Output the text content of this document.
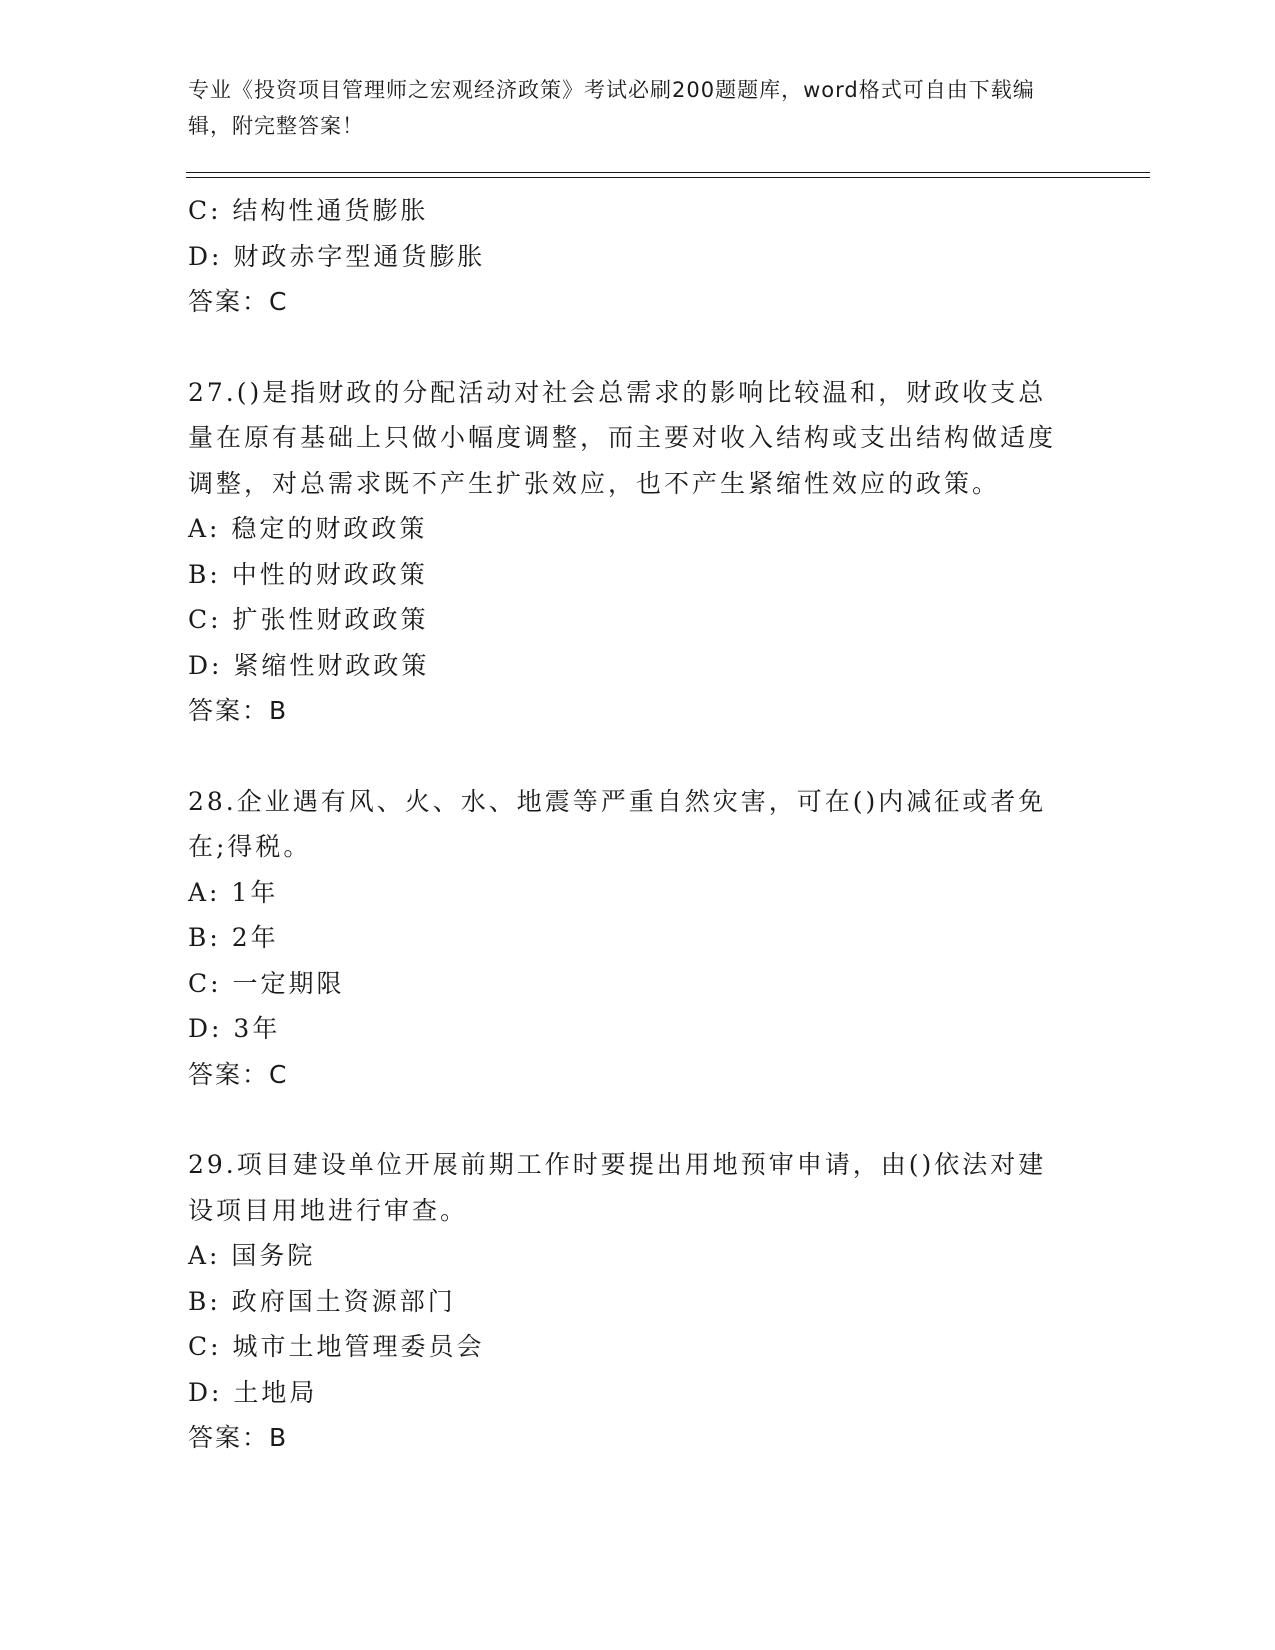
专业《投资项目管理师之宏观经济政策》考试必刷200题题库，word格式可自由下载编辑，附完整答案！
C: 结构性通货膨胀
D: 财政赤字型通货膨胀
答案：C
27.()是指财政的分配活动对社会总需求的影响比较温和，财政收支总量在原有基础上只做小幅度调整，而主要对收入结构或支出结构做适度调整，对总需求既不产生扩张效应，也不产生紧缩性效应的政策。
A: 稳定的财政政策
B: 中性的财政政策
C: 扩张性财政政策
D: 紧缩性财政政策
答案：B
28.企业遇有风、火、水、地震等严重自然灾害，可在()内减征或者免在;得税。
A: 1年
B: 2年
C: 一定期限
D: 3年
答案：C
29.项目建设单位开展前期工作时要提出用地预审申请，由()依法对建设项目用地进行审查。
A: 国务院
B: 政府国土资源部门
C: 城市土地管理委员会
D: 土地局
答案：B
